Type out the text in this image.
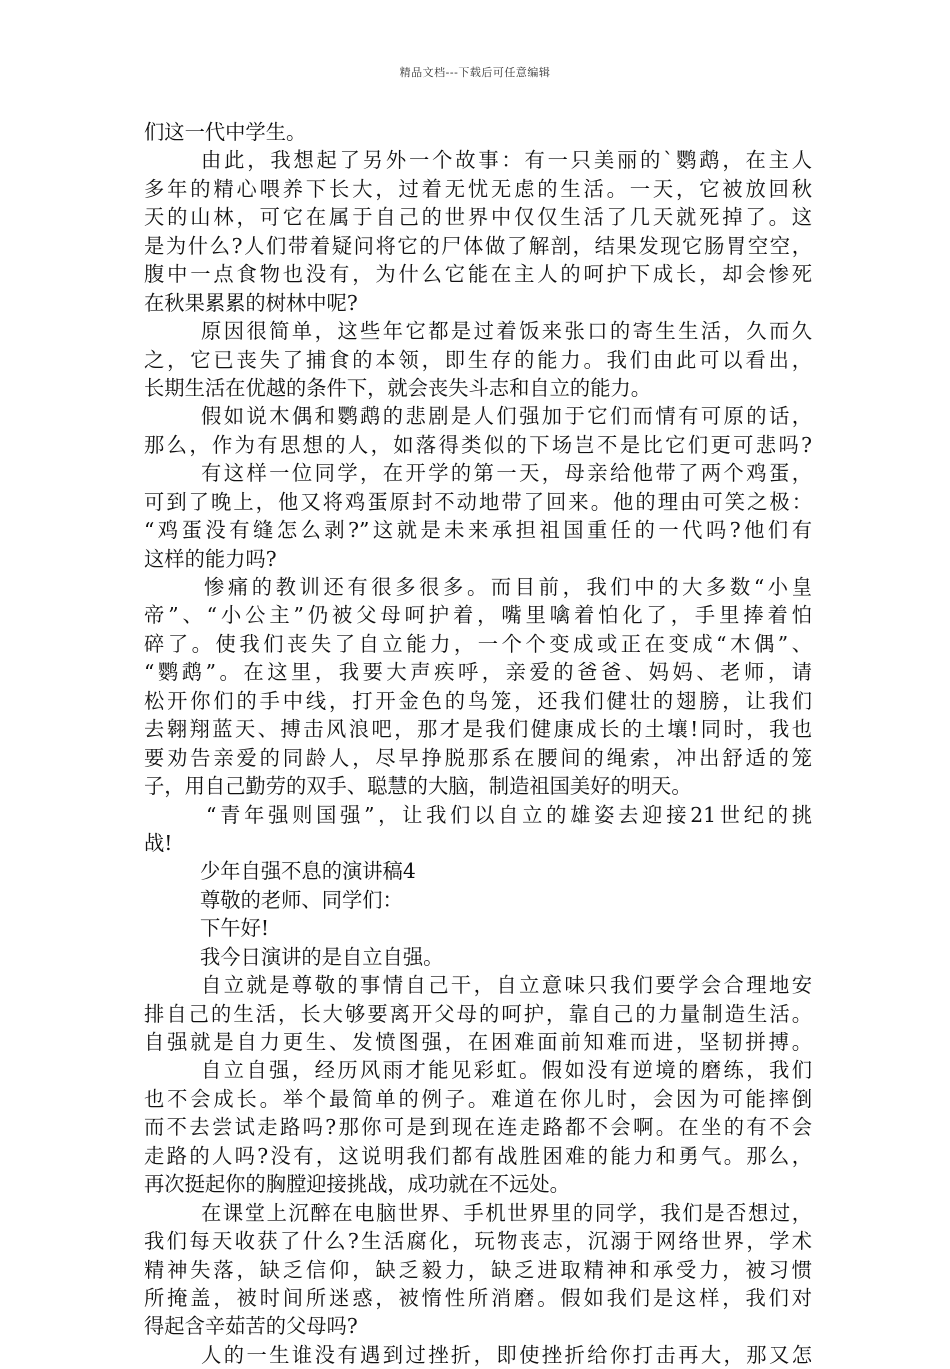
精品文档---下载后可任意编辑
们这一代中学生。
由此，我想起了另外一个故事：有一只美丽的`鹦鹉，在主人
多年的精心喂养下长大，过着无忧无虑的生活。一天，它被放回秋
天的山林，可它在属于自己的世界中仅仅生活了几天就死掉了。这
是为什么?人们带着疑问将它的尸体做了解剖，结果发现它肠胃空空，
腹中一点食物也没有，为什么它能在主人的呵护下成长，却会惨死
在秋果累累的树林中呢?
原因很简单，这些年它都是过着饭来张口的寄生生活，久而久
之，它已丧失了捕食的本领，即生存的能力。我们由此可以看出，
长期生活在优越的条件下，就会丧失斗志和自立的能力。
假如说木偶和鹦鹉的悲剧是人们强加于它们而情有可原的话，
那么，作为有思想的人，如落得类似的下场岂不是比它们更可悲吗?
有这样一位同学，在开学的第一天，母亲给他带了两个鸡蛋，
可到了晚上，他又将鸡蛋原封不动地带了回来。他的理由可笑之极：
“鸡蛋没有缝怎么剥?”这就是未来承担祖国重任的一代吗?他们有
这样的能力吗?
惨痛的教训还有很多很多。而目前，我们中的大多数“小皇
帝”、“小公主”仍被父母呵护着，嘴里噙着怕化了，手里捧着怕
碎了。使我们丧失了自立能力，一个个变成或正在变成“木偶”、
“鹦鹉”。在这里，我要大声疾呼，亲爱的爸爸、妈妈、老师，请
松开你们的手中线，打开金色的鸟笼，还我们健壮的翅膀，让我们
去翱翔蓝天、搏击风浪吧，那才是我们健康成长的土壤!同时，我也
要劝告亲爱的同龄人，尽早挣脱那系在腰间的绳索，冲出舒适的笼
子，用自己勤劳的双手、聪慧的大脑，制造祖国美好的明天。
“青年强则国强”，让我们以自立的雄姿去迎接21世纪的挑
战!
少年自强不息的演讲稿4
尊敬的老师、同学们：
下午好!
我今日演讲的是自立自强。
自立就是尊敬的事情自己干，自立意味只我们要学会合理地安
排自己的生活，长大够要离开父母的呵护，靠自己的力量制造生活。
自强就是自力更生、发愤图强，在困难面前知难而进，坚韧拼搏。
自立自强，经历风雨才能见彩虹。假如没有逆境的磨练，我们
也不会成长。举个最简单的例子。难道在你儿时，会因为可能摔倒
而不去尝试走路吗?那你可是到现在连走路都不会啊。在坐的有不会
走路的人吗?没有，这说明我们都有战胜困难的能力和勇气。那么，
再次挺起你的胸膛迎接挑战，成功就在不远处。
在课堂上沉醉在电脑世界、手机世界里的同学，我们是否想过，
我们每天收获了什么?生活腐化，玩物丧志，沉溺于网络世界，学术
精神失落，缺乏信仰，缺乏毅力，缺乏进取精神和承受力，被习惯
所掩盖，被时间所迷惑，被惰性所消磨。假如我们是这样，我们对
得起含辛茹苦的父母吗?
人的一生谁没有遇到过挫折，即使挫折给你打击再大，那又怎
